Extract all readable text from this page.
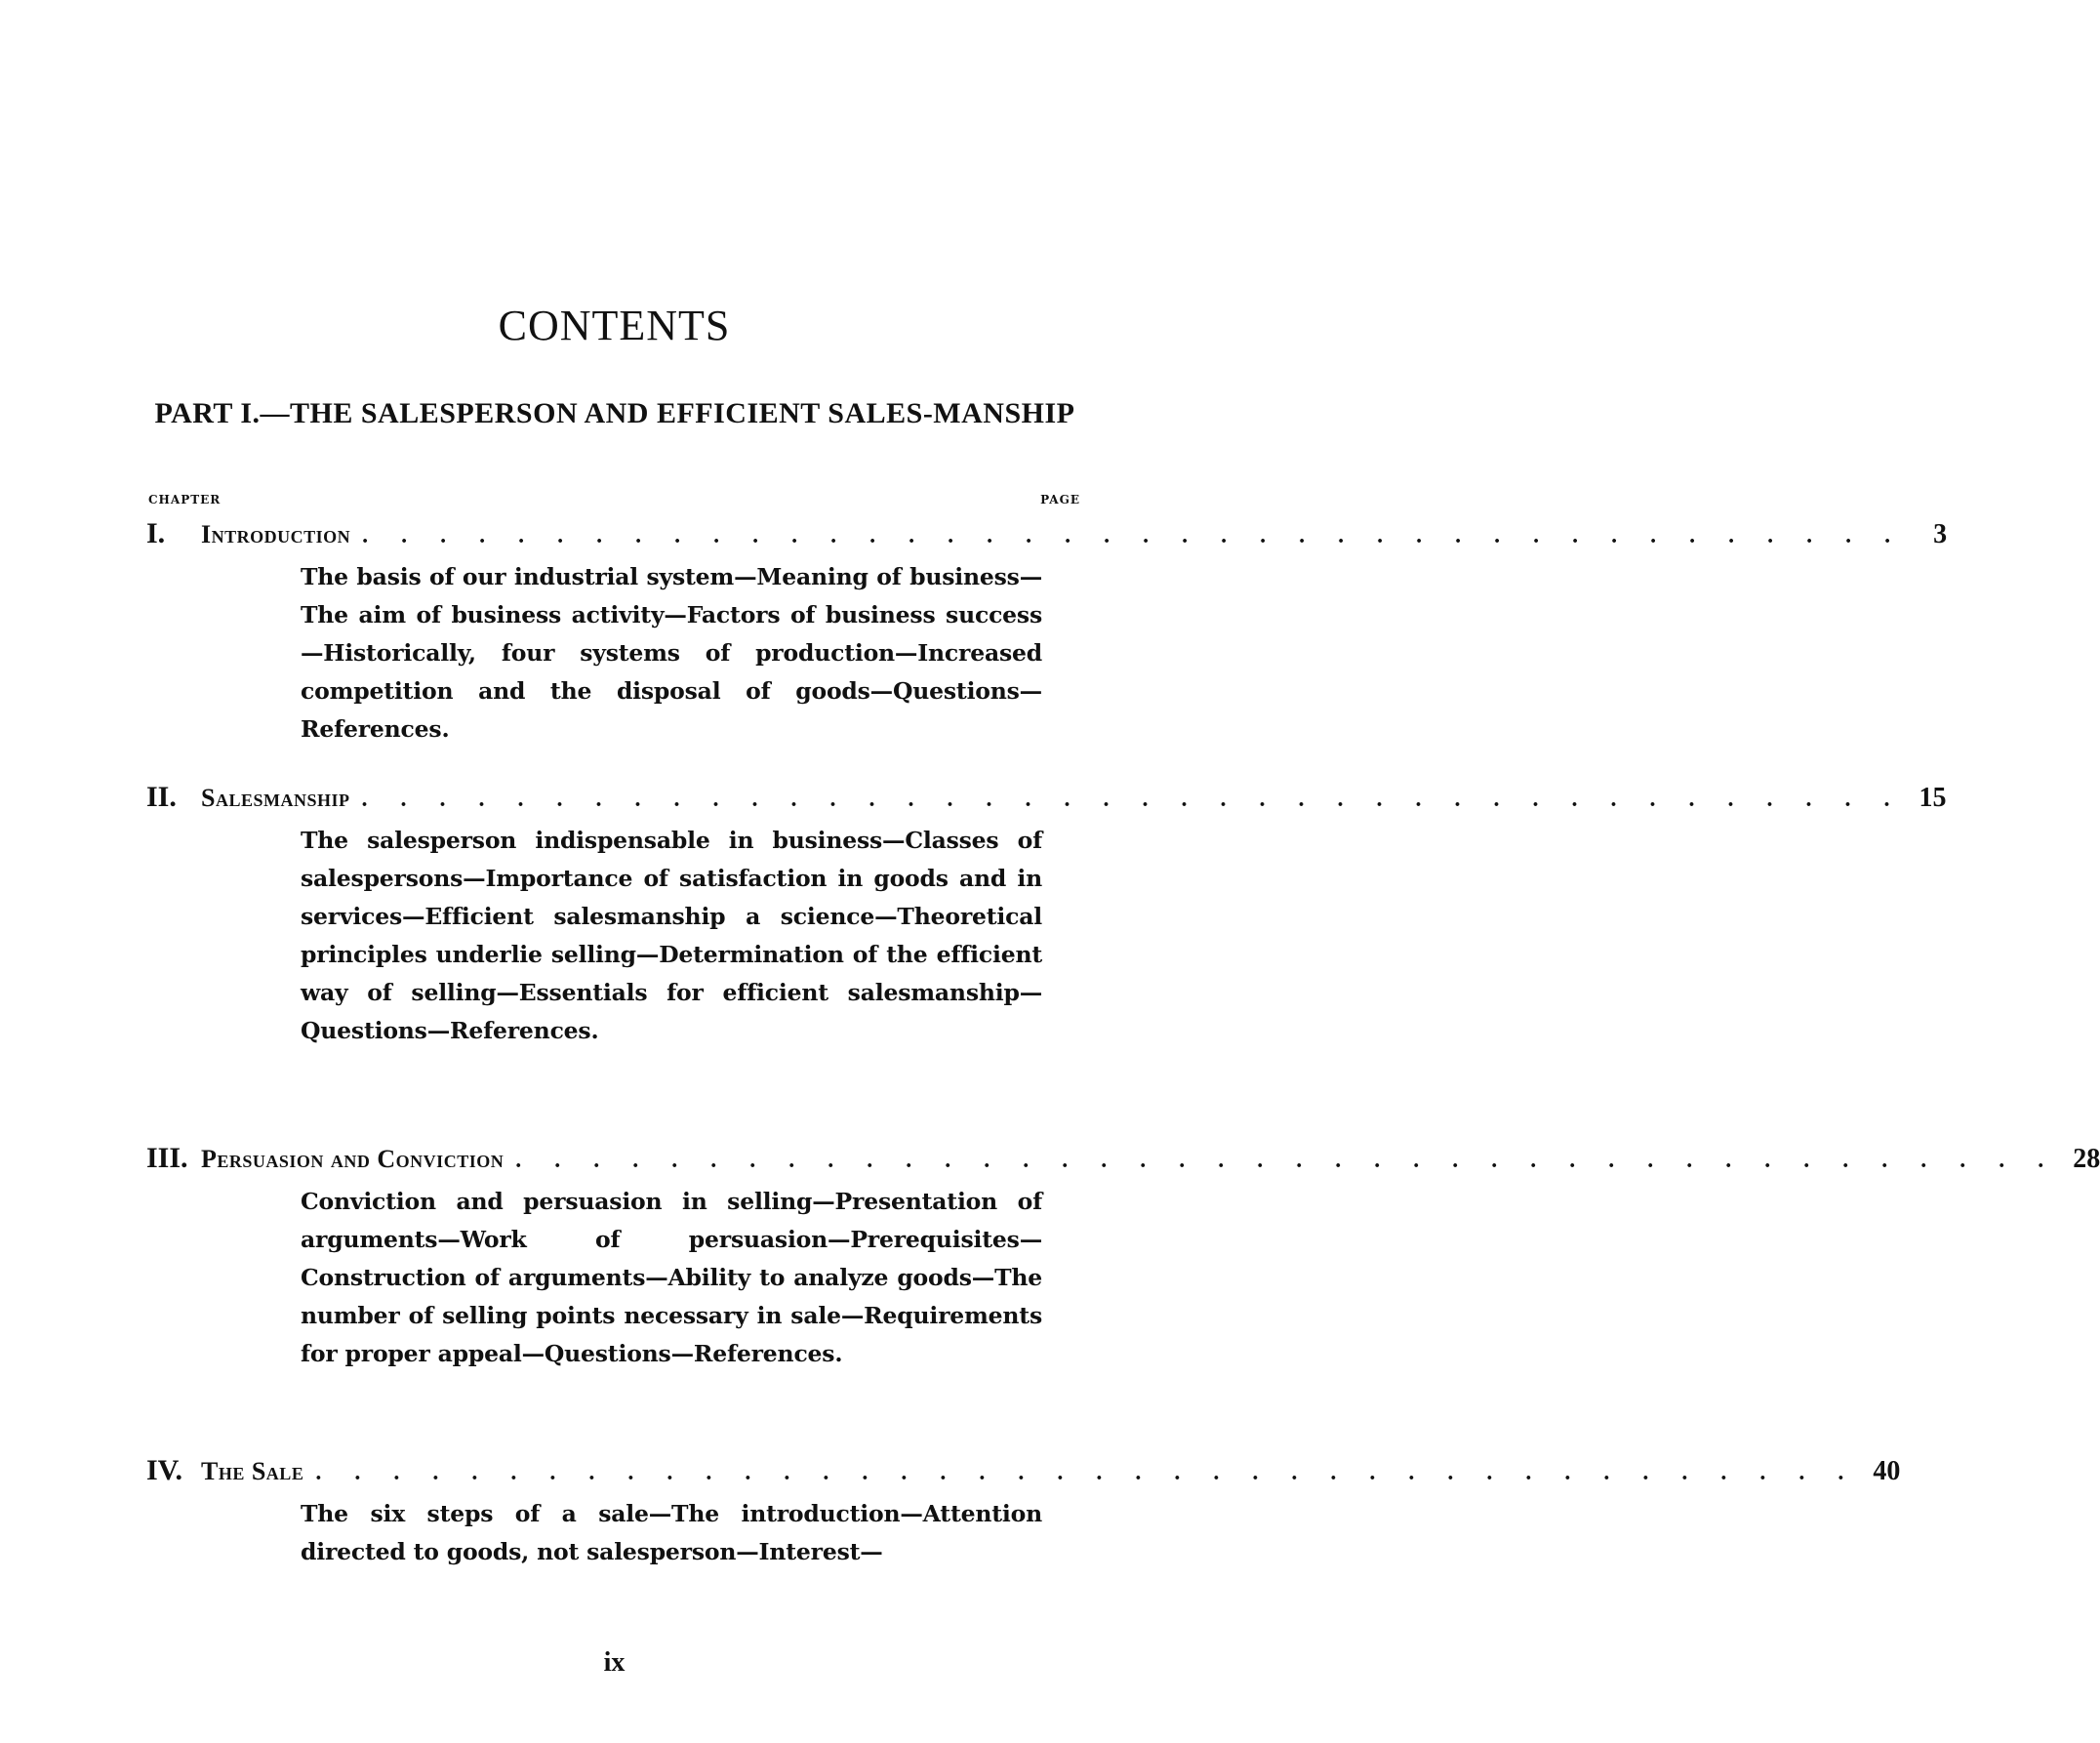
CONTENTS
PART I.—THE SALESPERSON AND EFFICIENT SALES-MANSHIP
CHAPTER	PAGE
I.	Introduction . . . . . . . . . . . . . . . . . . . . . . . . . . . . . . . . . . . . . . . .	3
The basis of our industrial system—Meaning of business—The aim of business activity—Factors of business success—Historically, four systems of production—Increased competition and the disposal of goods—Questions—References.
II. Salesmanship . . . . . . . . . . . . . . . . . . . . . . . . . . . . . . . . . . . . . . . . 15
The salesperson indispensable in business—Classes of salespersons—Importance of satisfaction in goods and in services—Efficient salesmanship a science—Theoretical principles underlie selling—Determination of the efficient way of selling—Essentials for efficient salesmanship—Questions—References.
III. Persuasion and Conviction . . . . . . . . . . . . . . . . . . . . . . . . . . . . . . . . . . . . . . . . 28
Conviction and persuasion in selling—Presentation of arguments—Work of persuasion—Prerequisites—Construction of arguments—Ability to analyze goods—The number of selling points necessary in sale—Requirements for proper appeal—Questions—References.
IV. The Sale . . . . . . . . . . . . . . . . . . . . . . . . . . . . . . . . . . . . . . . . 40
The six steps of a sale—The introduction—Attention directed to goods, not salesperson—Interest—
ix
